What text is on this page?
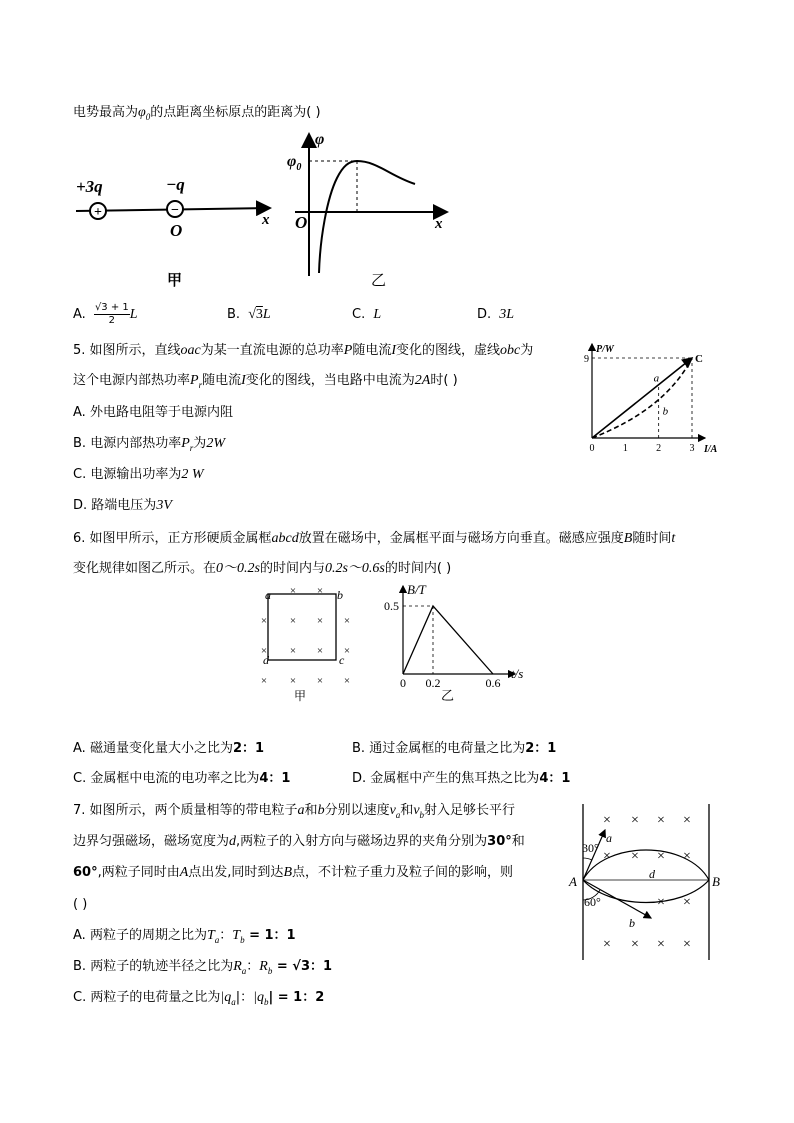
电势最高为$\varphi_0$的点距离坐标原点的距离为( )
+	−
+3q	−q
O
x
甲
φ
$\varphi_0$
O	x
乙
A. $\frac{√3 + 1}{2}$ L	B. √3L	C. L	D. 3L
5. 如图所示，直线oac为某一直流电源的总功率P随电流I变化的图线，虚线obc为
这个电源内部热功率$P_r$随电流I变化的图线，当电路中电流为2A时( )
A. 外电路电阻等于电源内阻
B. 电源内部热功率$P_r$为2W
C. 电源输出功率为2 W
D. 路端电压为3V
P/W
I/A
0	1	2	3
9
a
b
C
6. 如图甲所示，正方形硬质金属框abcd放置在磁场中，金属框平面与磁场方向垂直。磁感应强度B随时间t
变化规律如图乙所示。在0～0.2s的时间内与0.2s～0.6s的时间内( )
a	b
c
d
× ×
× × × ×
× × × ×
× × × ×
甲
B/T
t/s
乙
0 0.2	0.6
0.5
A. 磁通量变化量大小之比为2：1	B. 通过金属框的电荷量之比为2：1
C. 金属框中电流的电功率之比为4：1	D. 金属框中产生的焦耳热之比为4：1
7. 如图所示，两个质量相等的带电粒子a和b分别以速度$v_a$和$v_b$射入足够长平行
边界匀强磁场，磁场宽度为d,两粒子的入射方向与磁场边界的夹角分别为30°和
60°,两粒子同时由A点出发,同时到达B点，不计粒子重力及粒子间的影响，则
( )
A. 两粒子的周期之比为$T_a$：$T_b = 1$：1
B. 两粒子的轨迹半径之比为$R_a$：$R_b = √3$：1
C. 两粒子的电荷量之比为$|q_a|$：$|q_b| = 1$：2
30°
60°
a
b
A	B
d
× × × ×
× × × ×
× ×
× × × ×
